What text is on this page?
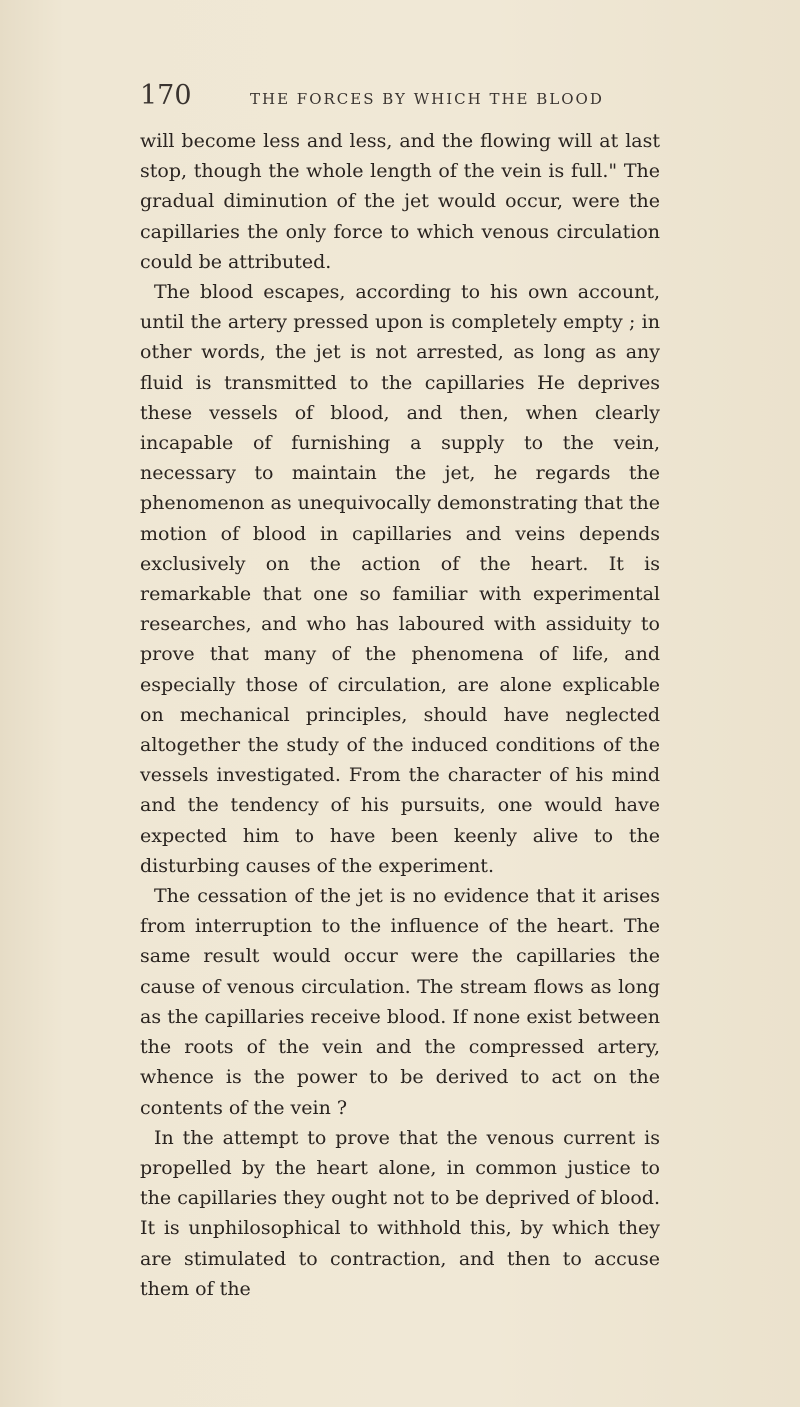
170	THE FORCES BY WHICH THE BLOOD

will become less and less, and the flowing will at last stop, though the whole length of the vein is full." The gradual diminution of the jet would occur, were the capillaries the only force to which venous circulation could be attributed.

The blood escapes, according to his own account, until the artery pressed upon is completely empty ; in other words, the jet is not arrested, as long as any fluid is transmitted to the capillaries He deprives these vessels of blood, and then, when clearly incapable of furnishing a supply to the vein, necessary to maintain the jet, he regards the phenomenon as unequivocally demonstrating that the motion of blood in capillaries and veins depends exclusively on the action of the heart. It is remarkable that one so familiar with experimental researches, and who has laboured with assiduity to prove that many of the phenomena of life, and especially those of circulation, are alone explicable on mechanical principles, should have neglected altogether the study of the induced conditions of the vessels investigated. From the character of his mind and the tendency of his pursuits, one would have expected him to have been keenly alive to the disturbing causes of the experiment.

The cessation of the jet is no evidence that it arises from interruption to the influence of the heart. The same result would occur were the capillaries the cause of venous circulation. The stream flows as long as the capillaries receive blood. If none exist between the roots of the vein and the compressed artery, whence is the power to be derived to act on the contents of the vein ?

In the attempt to prove that the venous current is propelled by the heart alone, in common justice to the capillaries they ought not to be deprived of blood. It is unphilosophical to withhold this, by which they are stimulated to contraction, and then to accuse them of the
